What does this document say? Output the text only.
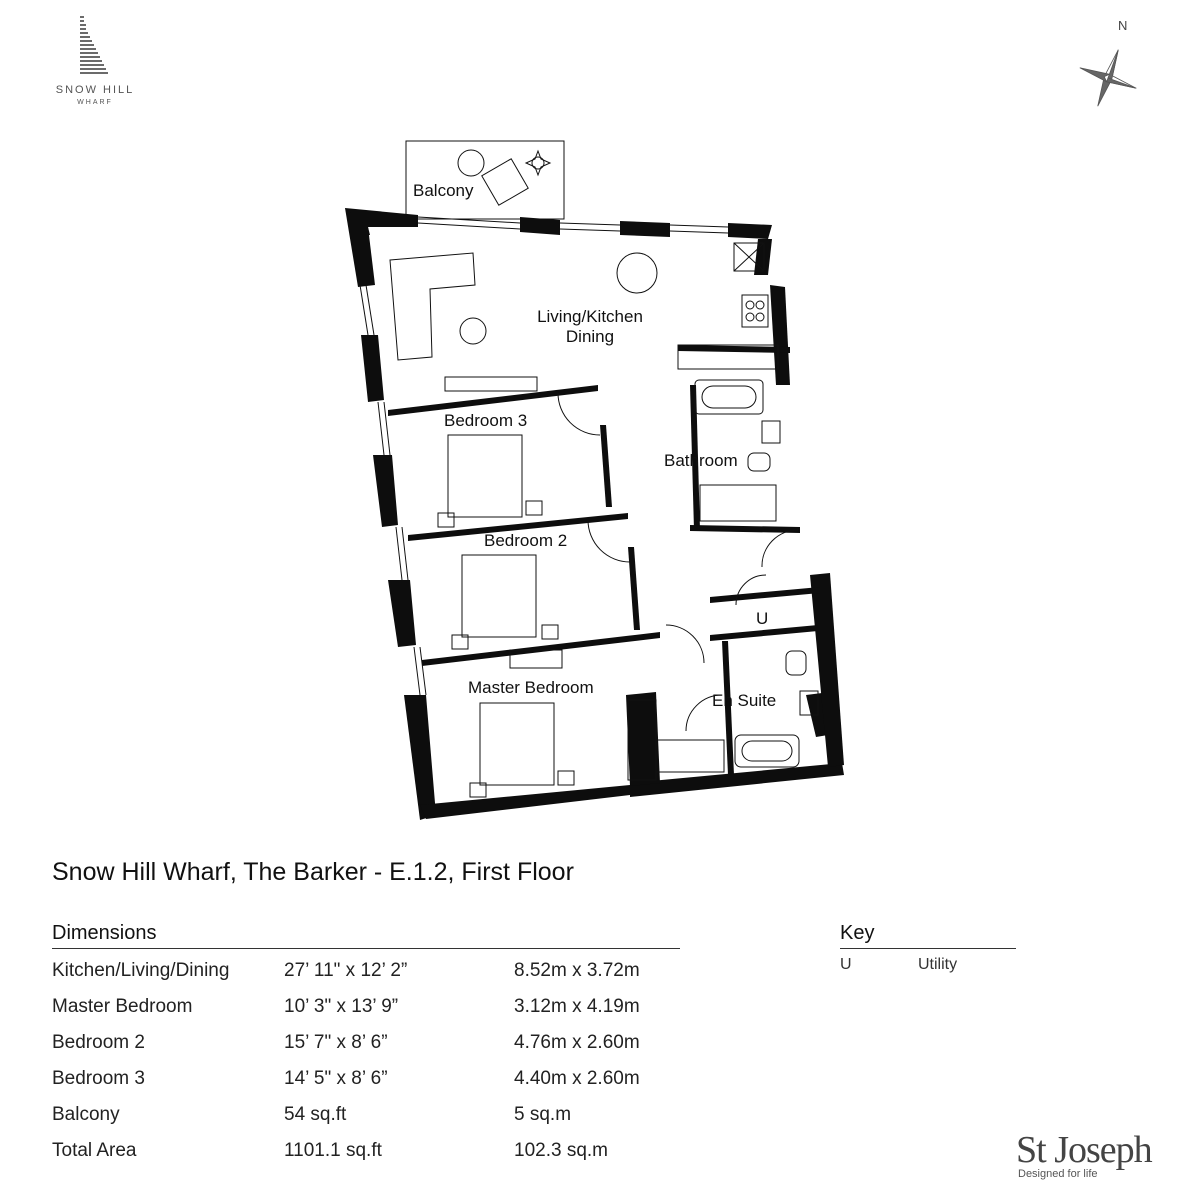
SNOW HILL
WHARF
N
Balcony
Living/Kitchen
Dining
Bedroom 3
Bathroom
Bedroom 2
U
Master Bedroom
En Suite
Snow Hill Wharf, The Barker - E.1.2, First Floor
Dimensions
Kitchen/Living/Dining	27’ 11" x 12’ 2”	8.52m x 3.72m
Master Bedroom	10’ 3" x 13’ 9”	3.12m x 4.19m
Bedroom 2	15’ 7" x 8’ 6”	4.76m x 2.60m
Bedroom 3	14’ 5" x 8’ 6”	4.40m x 2.60m
Balcony	54 sq.ft	5 sq.m
Total Area	1101.1 sq.ft	102.3 sq.m
Key
U	Utility
St Joseph
Designed for life
